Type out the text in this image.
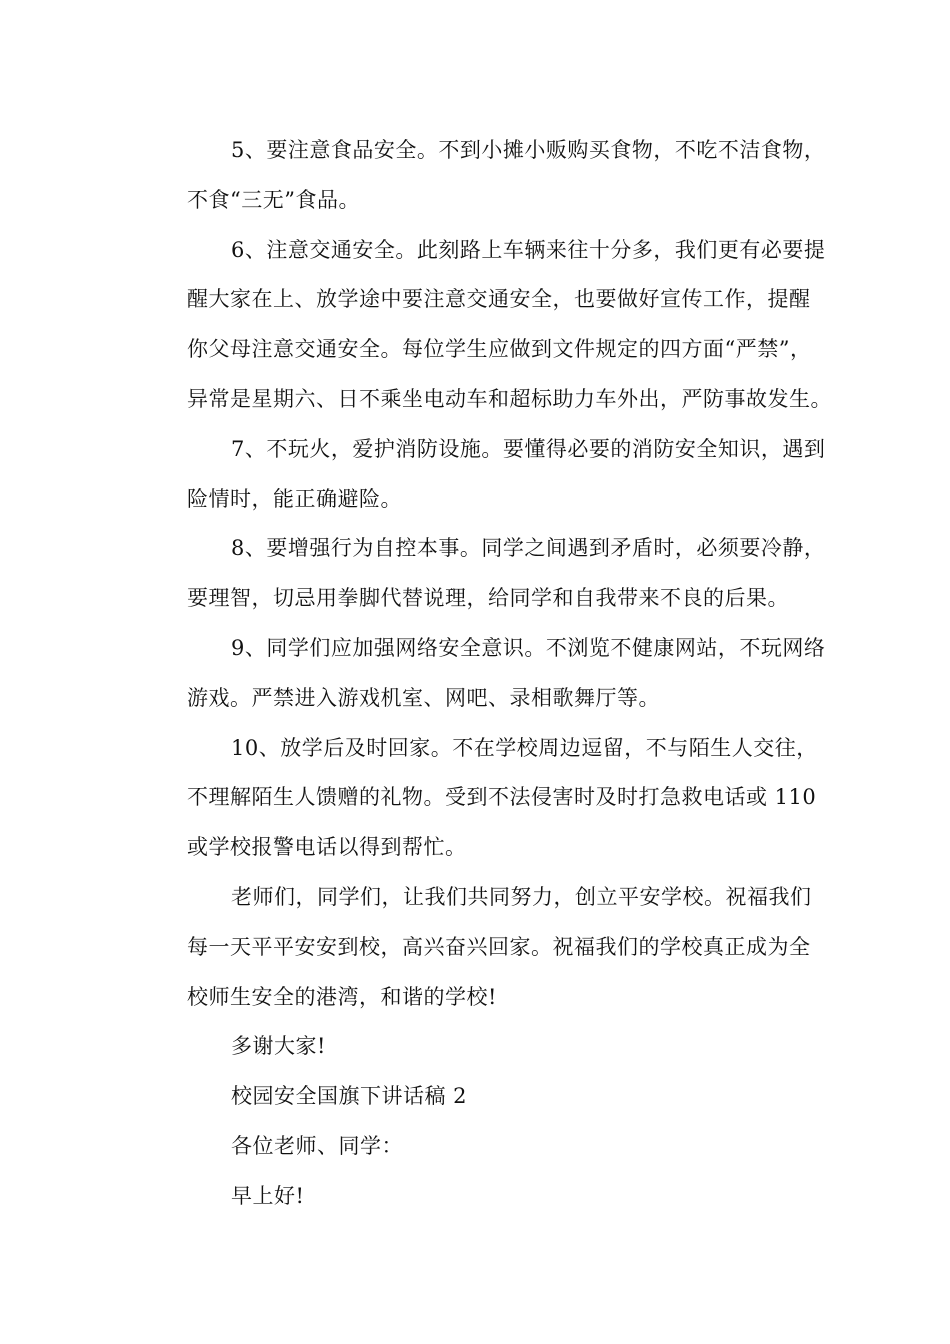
5、要注意食品安全。不到小摊小贩购买食物，不吃不洁食物，
不食“三无”食品。
6、注意交通安全。此刻路上车辆来往十分多，我们更有必要提
醒大家在上、放学途中要注意交通安全，也要做好宣传工作，提醒
你父母注意交通安全。每位学生应做到文件规定的四方面“严禁”，
异常是星期六、日不乘坐电动车和超标助力车外出，严防事故发生。
7、不玩火，爱护消防设施。要懂得必要的消防安全知识，遇到
险情时，能正确避险。
8、要增强行为自控本事。同学之间遇到矛盾时，必须要冷静，
要理智，切忌用拳脚代替说理，给同学和自我带来不良的后果。
9、同学们应加强网络安全意识。不浏览不健康网站，不玩网络
游戏。严禁进入游戏机室、网吧、录相歌舞厅等。
10、放学后及时回家。不在学校周边逗留，不与陌生人交往，
不理解陌生人馈赠的礼物。受到不法侵害时及时打急救电话或 110
或学校报警电话以得到帮忙。
老师们，同学们，让我们共同努力，创立平安学校。祝福我们
每一天平平安安到校，高兴奋兴回家。祝福我们的学校真正成为全
校师生安全的港湾，和谐的学校!
多谢大家!
校园安全国旗下讲话稿 2
各位老师、同学：
早上好!
